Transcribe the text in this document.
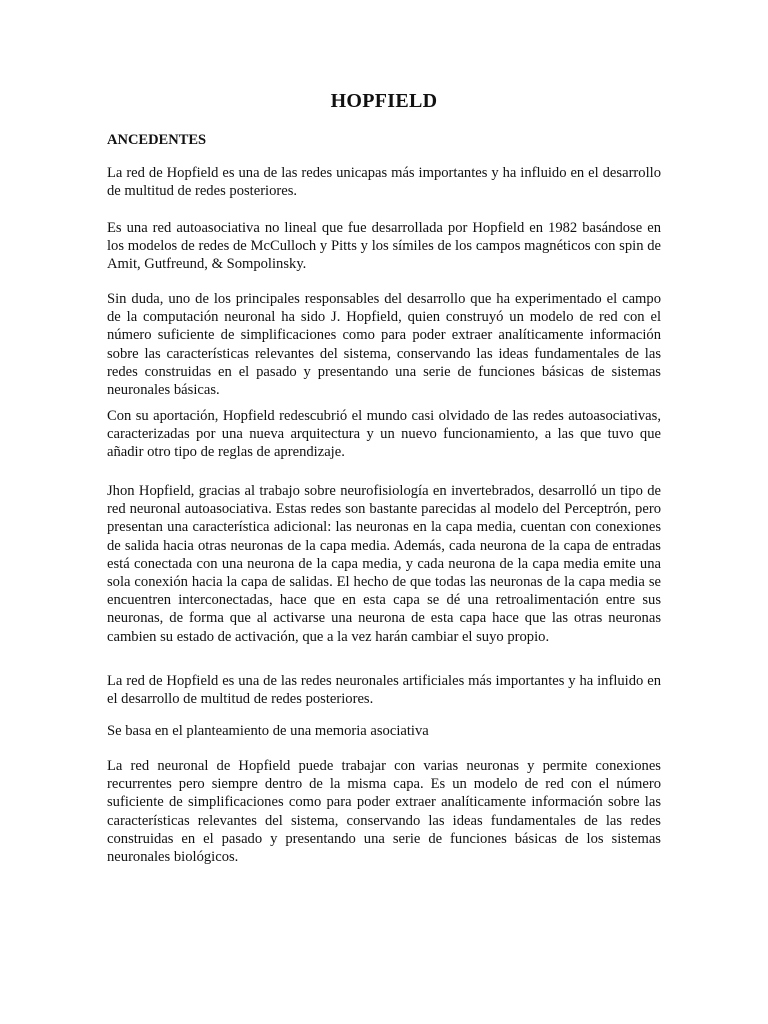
HOPFIELD
ANCEDENTES

La red de Hopfield es una de las redes unicapas más importantes y ha influido en el desarrollo de multitud de redes posteriores.

Es una red autoasociativa no lineal que fue desarrollada por Hopfield en 1982 basándose en los modelos de redes de McCulloch y Pitts y los símiles de los campos magnéticos con spin de Amit, Gutfreund, & Sompolinsky.

Sin duda, uno de los principales responsables del desarrollo que ha experimentado el campo de la computación neuronal ha sido J. Hopfield, quien construyó un modelo de red con el número suficiente de simplificaciones como para poder extraer analíticamente información sobre las características relevantes del sistema, conservando las ideas fundamentales de las redes construidas en el pasado y presentando una serie de funciones básicas de sistemas neuronales básicas.

Con su aportación, Hopfield redescubrió el mundo casi olvidado de las redes autoasociativas, caracterizadas por una nueva arquitectura y un nuevo funcionamiento, a las que tuvo que añadir otro tipo de reglas de aprendizaje.

Jhon Hopfield, gracias al trabajo sobre neurofisiología en invertebrados, desarrolló un tipo de red neuronal autoasociativa. Estas redes son bastante parecidas al modelo del Perceptrón, pero presentan una característica adicional: las neuronas en la capa media, cuentan con conexiones de salida hacia otras neuronas de la capa media. Además, cada neurona de la capa de entradas está conectada con una neurona de la capa media, y cada neurona de la capa media emite una sola conexión hacia la capa de salidas. El hecho de que todas las neuronas de la capa media se encuentren interconectadas, hace que en esta capa se dé una retroalimentación entre sus neuronas, de forma que al activarse una neurona de esta capa hace que las otras neuronas cambien su estado de activación, que a la vez harán cambiar el suyo propio.

La red de Hopfield es una de las redes neuronales artificiales más importantes y ha influido en el desarrollo de multitud de redes posteriores.

Se basa en el planteamiento de una memoria asociativa

La red neuronal de Hopfield puede trabajar con varias neuronas y permite conexiones recurrentes pero siempre dentro de la misma capa. Es un modelo de red con el número suficiente de simplificaciones como para poder extraer analíticamente información sobre las características relevantes del sistema, conservando las ideas fundamentales de las redes construidas en el pasado y presentando una serie de funciones básicas de los sistemas neuronales biológicos.
